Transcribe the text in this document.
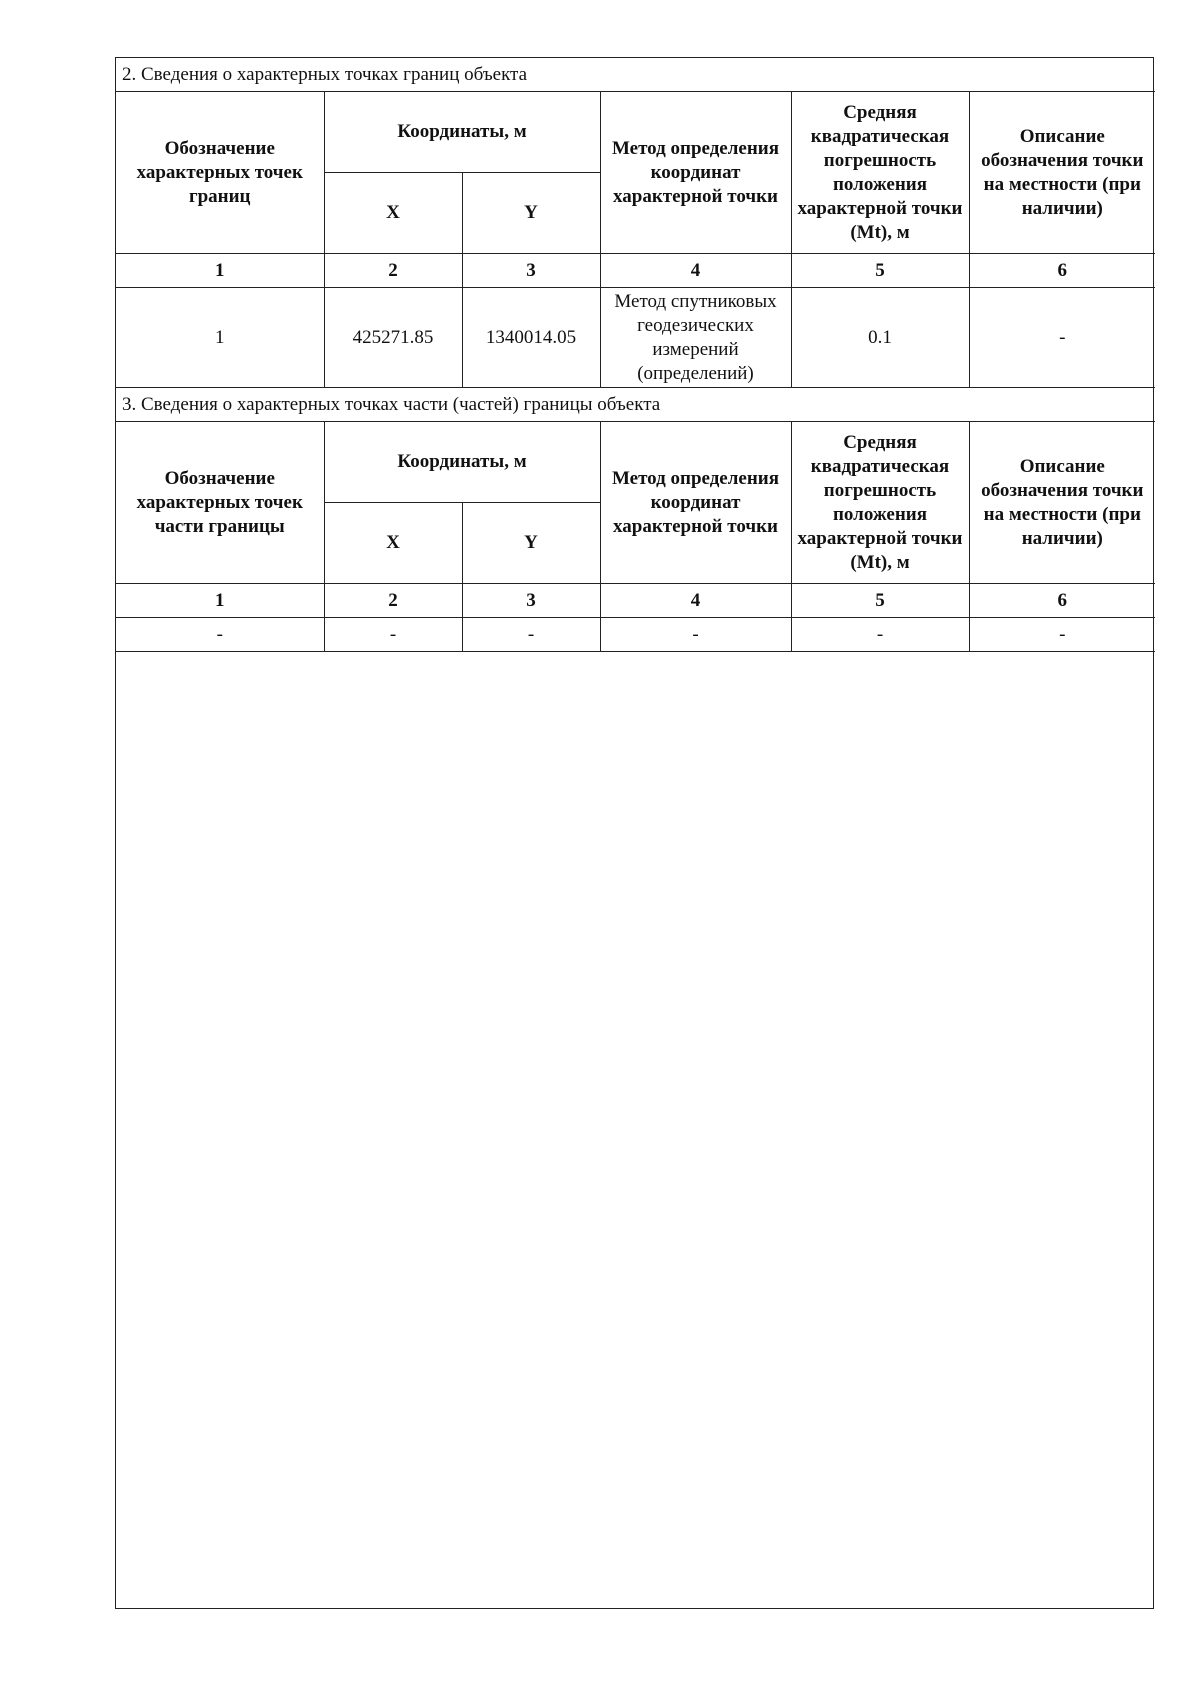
2. Сведения о характерных точках границ объекта					
Обозначение характерных точек границ	Координаты, м		Метод определения координат характерной точки	Средняя квадратическая погрешность положения характерной точки (Mt), м	Описание обозначения точки на местности (при наличии)
	X	Y			
1	2	3	4	5	6
1	425271.85	1340014.05	Метод спутниковых геодезических измерений (определений)	0.1	-
3. Сведения о характерных точках части (частей) границы объекта					
Обозначение характерных точек части границы	Координаты, м		Метод определения координат характерной точки	Средняя квадратическая погрешность положения характерной точки (Mt), м	Описание обозначения точки на местности (при наличии)
	X	Y			
1	2	3	4	5	6
-	-	-	-	-	-
